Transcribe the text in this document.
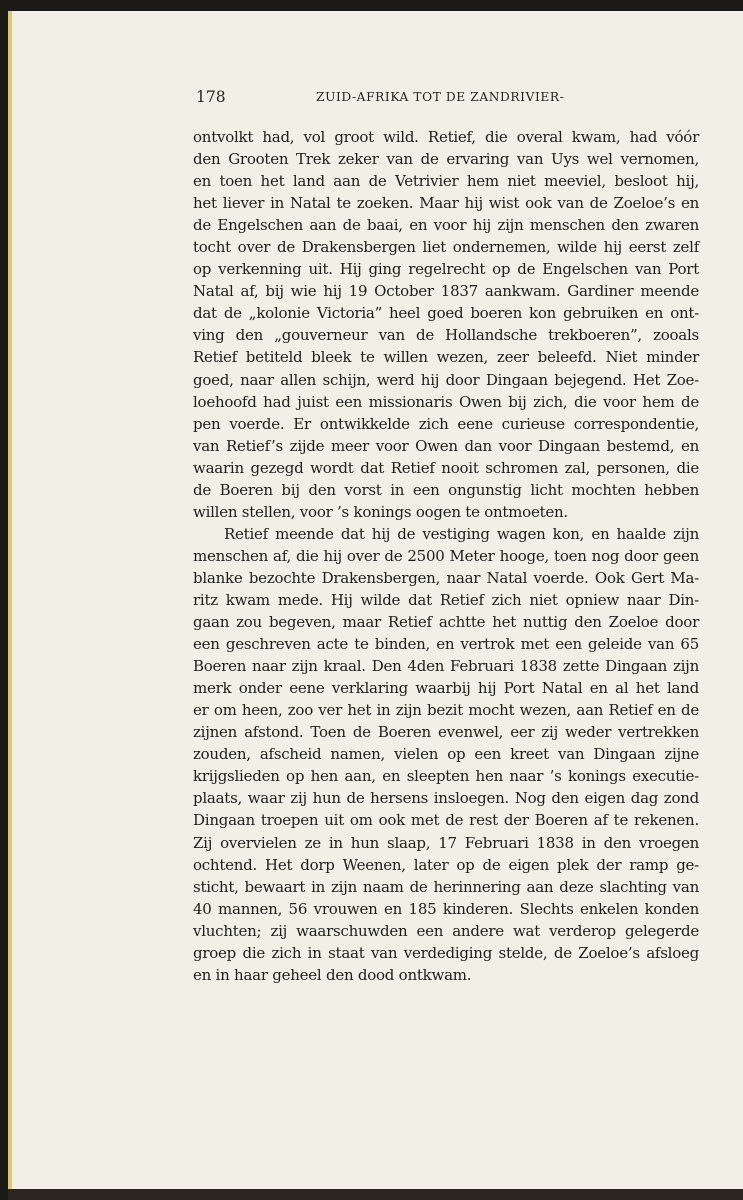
178	ZUID-AFRIKA TOT DE ZANDRIVIER-
ontvolkt had, vol groot wild. Retief, die overal kwam, had vóór
den Grooten Trek zeker van de ervaring van Uys wel vernomen,
en toen het land aan de Vetrivier hem niet meeviel, besloot hij,
het liever in Natal te zoeken. Maar hij wist ook van de Zoeloe’s en
de Engelschen aan de baai, en voor hij zijn menschen den zwaren
tocht over de Drakensbergen liet ondernemen, wilde hij eerst zelf
op verkenning uit. Hij ging regelrecht op de Engelschen van Port
Natal af, bij wie hij 19 October 1837 aankwam. Gardiner meende
dat de „kolonie Victoria” heel goed boeren kon gebruiken en ont-
ving den „gouverneur van de Hollandsche trekboeren”, zooals
Retief betiteld bleek te willen wezen, zeer beleefd. Niet minder
goed, naar allen schijn, werd hij door Dingaan bejegend. Het Zoe-
loehoofd had juist een missionaris Owen bij zich, die voor hem de
pen voerde. Er ontwikkelde zich eene curieuse correspondentie,
van Retief’s zijde meer voor Owen dan voor Dingaan bestemd, en
waarin gezegd wordt dat Retief nooit schromen zal, personen, die
de Boeren bij den vorst in een ongunstig licht mochten hebben
willen stellen, voor ’s konings oogen te ontmoeten.
Retief meende dat hij de vestiging wagen kon, en haalde zijn
menschen af, die hij over de 2500 Meter hooge, toen nog door geen
blanke bezochte Drakensbergen, naar Natal voerde. Ook Gert Ma-
ritz kwam mede. Hij wilde dat Retief zich niet opniew naar Din-
gaan zou begeven, maar Retief achtte het nuttig den Zoeloe door
een geschreven acte te binden, en vertrok met een geleide van 65
Boeren naar zijn kraal. Den 4den Februari 1838 zette Dingaan zijn
merk onder eene verklaring waarbij hij Port Natal en al het land
er om heen, zoo ver het in zijn bezit mocht wezen, aan Retief en de
zijnen afstond. Toen de Boeren evenwel, eer zij weder vertrekken
zouden, afscheid namen, vielen op een kreet van Dingaan zijne
krijgslieden op hen aan, en sleepten hen naar ’s konings executie-
plaats, waar zij hun de hersens insloegen. Nog den eigen dag zond
Dingaan troepen uit om ook met de rest der Boeren af te rekenen.
Zij overvielen ze in hun slaap, 17 Februari 1838 in den vroegen
ochtend. Het dorp Weenen, later op de eigen plek der ramp ge-
sticht, bewaart in zijn naam de herinnering aan deze slachting van
40 mannen, 56 vrouwen en 185 kinderen. Slechts enkelen konden
vluchten; zij waarschuwden een andere wat verderop gelegerde
groep die zich in staat van verdediging stelde, de Zoeloe’s afsloeg
en in haar geheel den dood ontkwam.
